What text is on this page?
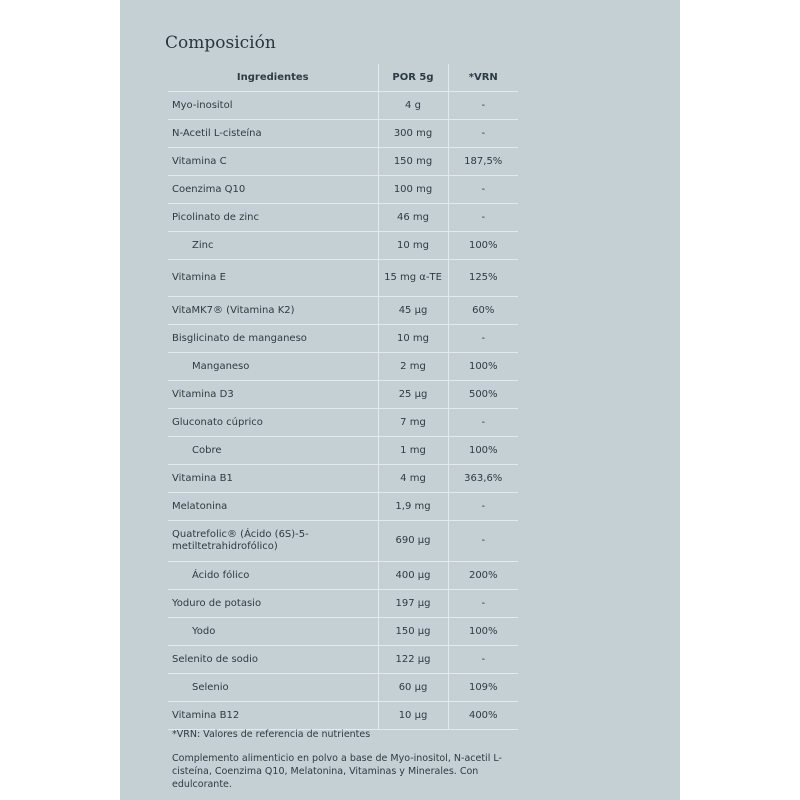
Composición
Ingredientes	POR 5g	*VRN
Myo-inositol	4 g	-
N-Acetil L-cisteína	300 mg	-
Vitamina C	150 mg	187,5%
Coenzima Q10	100 mg	-
Picolinato de zinc	46 mg	-
Zinc	10 mg	100%
Vitamina E	15 mg α-TE	125%
VitaMK7® (Vitamina K2)	45 µg	60%
Bisglicinato de manganeso	10 mg	-
Manganeso	2 mg	100%
Vitamina D3	25 µg	500%
Gluconato cúprico	7 mg	-
Cobre	1 mg	100%
Vitamina B1	4 mg	363,6%
Melatonina	1,9 mg	-
Quatrefolic® (Ácido (6S)-5-metiltetrahidrofólico)	690 µg	-
Ácido fólico	400 µg	200%
Yoduro de potasio	197 µg	-
Yodo	150 µg	100%
Selenito de sodio	122 µg	-
Selenio	60 µg	109%
Vitamina B12	10 µg	400%

*VRN: Valores de referencia de nutrientes

Complemento alimenticio en polvo a base de Myo-inositol, N-acetil L-cisteína, Coenzima Q10, Melatonina, Vitaminas y Minerales. Con edulcorante.
